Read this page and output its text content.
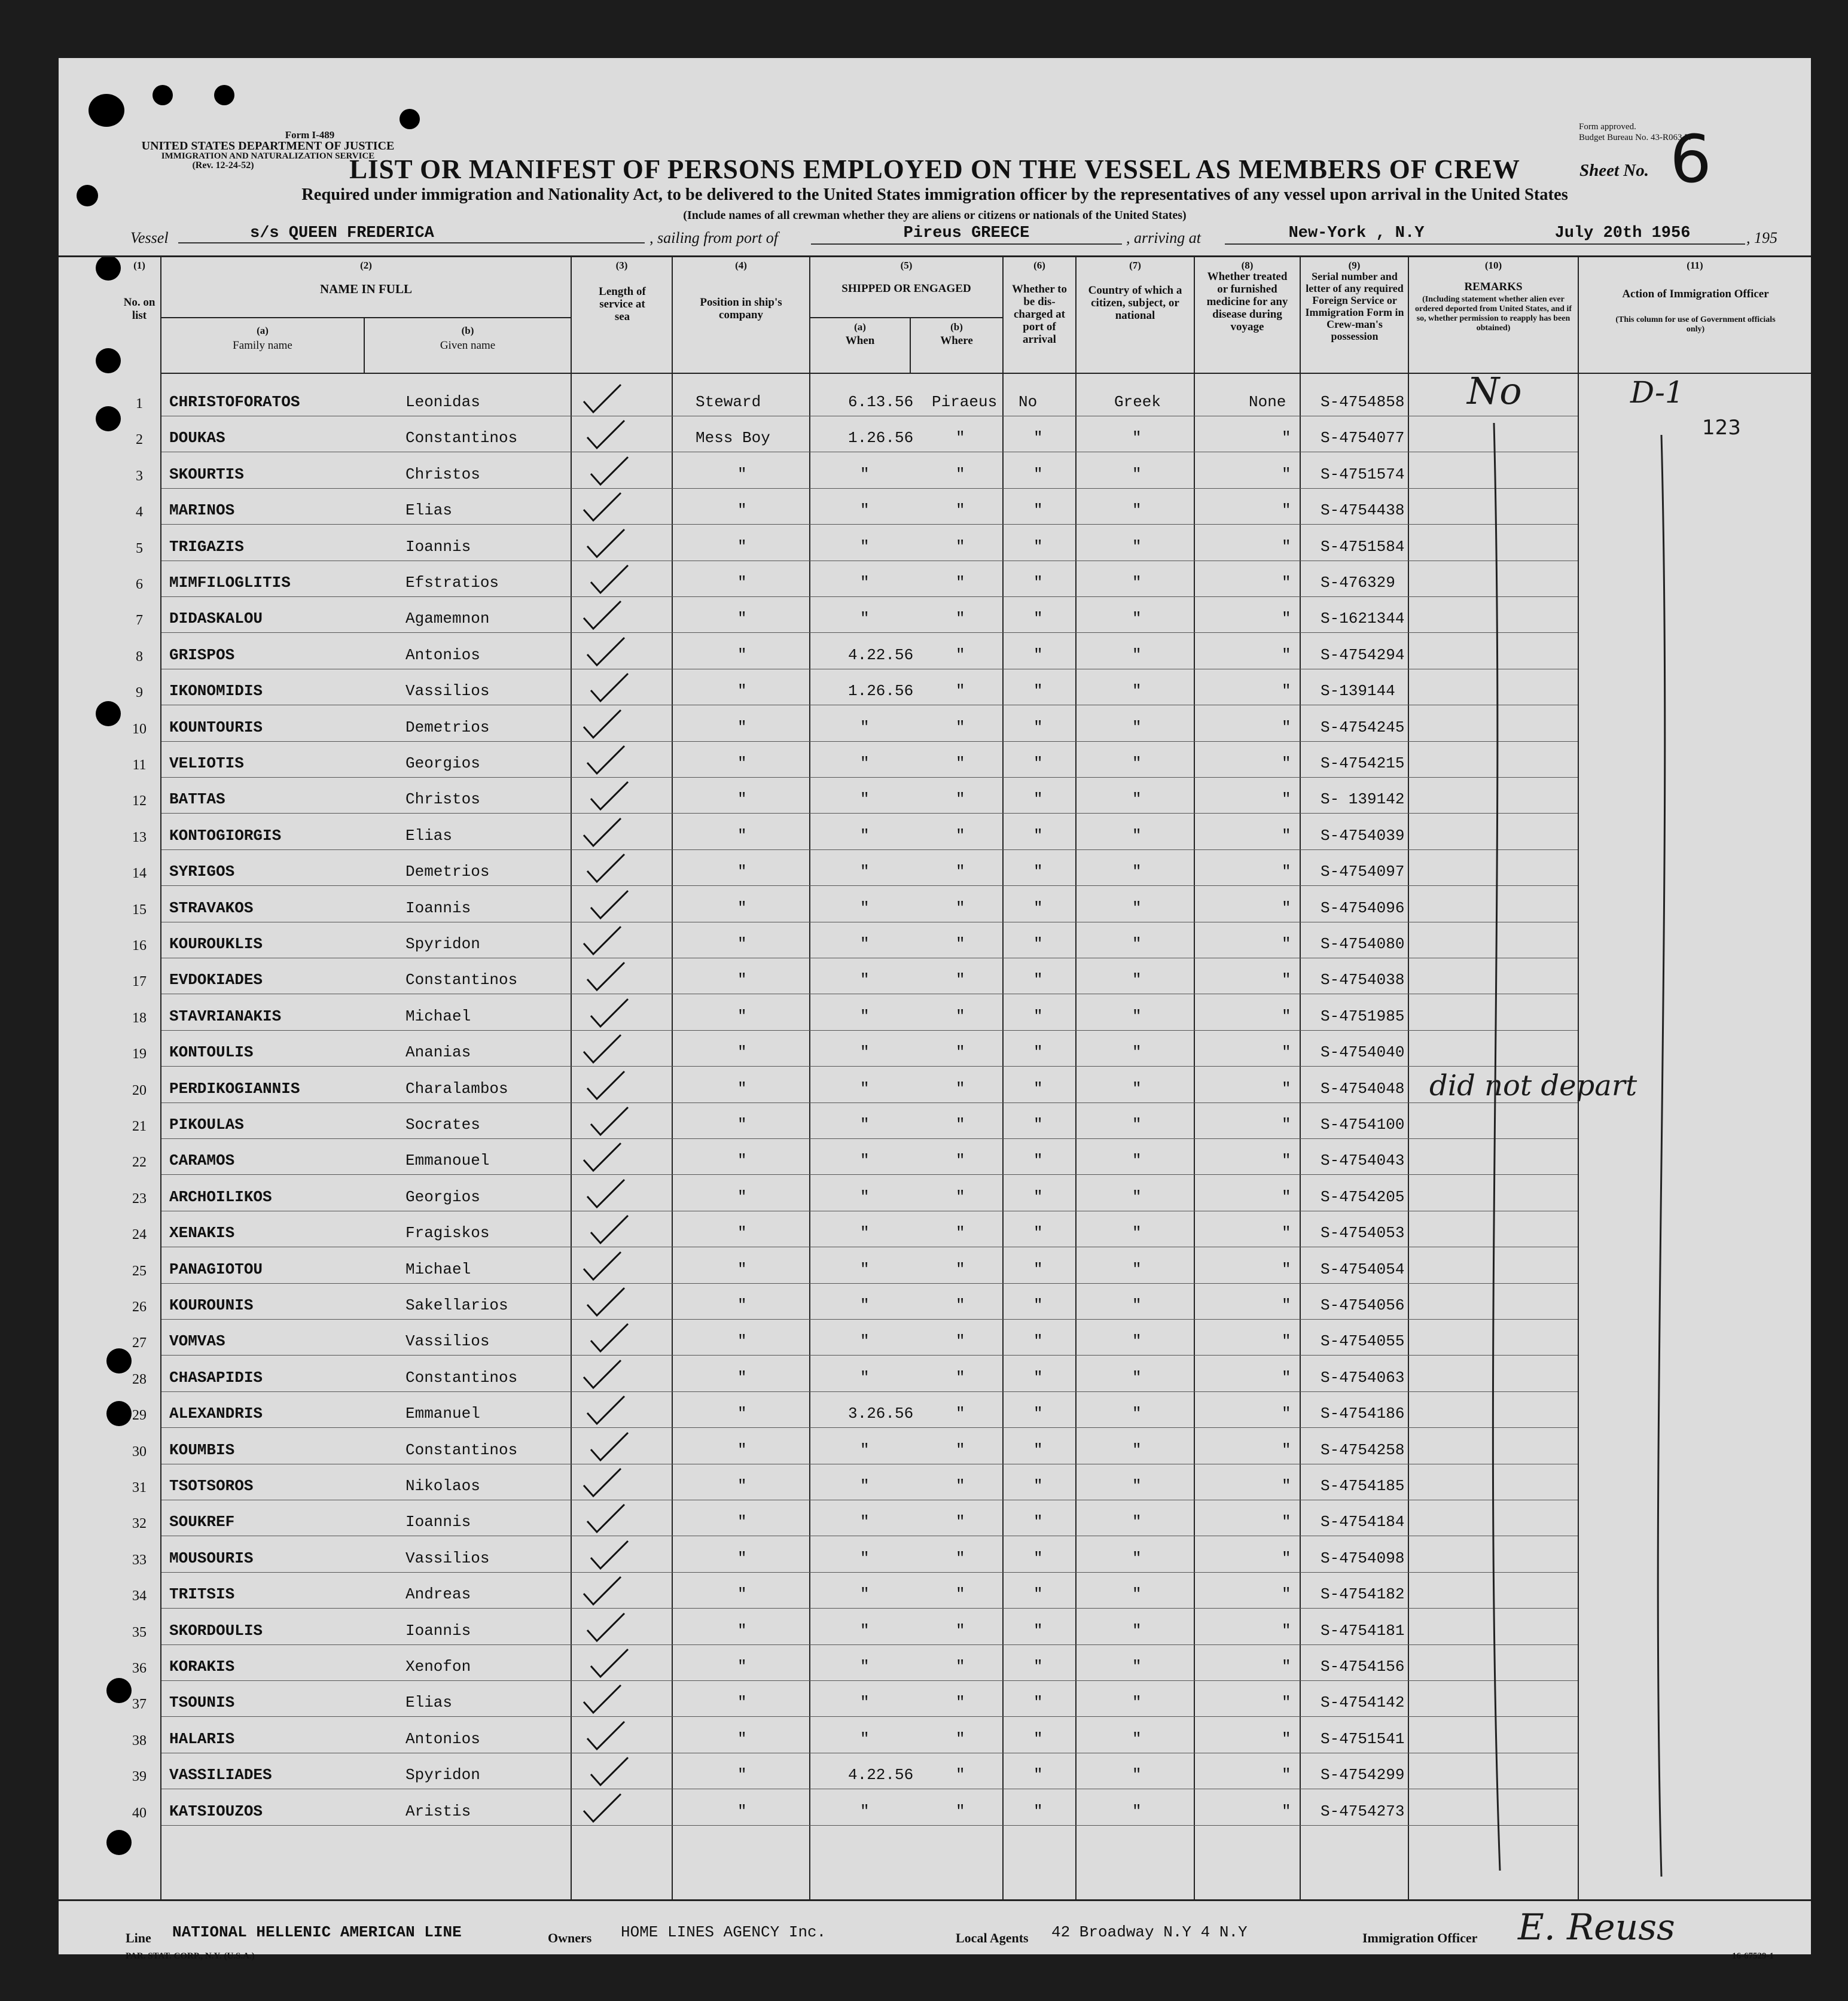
Form I-489
UNITED STATES DEPARTMENT OF JUSTICE
IMMIGRATION AND NATURALIZATION SERVICE
(Rev. 12-24-52)
Form approved.
Budget Bureau No. 43-R063.5.
LIST OR MANIFEST OF PERSONS EMPLOYED ON THE VESSEL AS MEMBERS OF CREW	Sheet No. 6
Required under immigration and Nationality Act, to be delivered to the United States immigration officer by the representatives of any vessel upon arrival in the United States
(Include names of all crewman whether they are aliens or citizens or nationals of the United States)
Vessel	s/s QUEEN FREDERICA	, sailing from port of	Pireus GREECE	, arriving at	New-York , N.Y	July 20th 1956	, 195
(1)
No. on list
(2)
NAME IN FULL
(a)
Family name
(b)
Given name
(3)
Length of service at sea
(4)
Position in ship's company
(5)
SHIPPED OR ENGAGED
(a)
When
(b)
Where
(6)
Whether to be dis-charged at port of arrival
(7)
Country of which a citizen, subject, or national
(8)
Whether treated or furnished medicine for any disease during voyage
(9)
Serial number and letter of any required Foreign Service or Immigration Form in Crew-man's possession
(10)
REMARKS
(Including statement whether alien ever ordered deported from United States, and if so, whether permission to reapply has been obtained)
(11)
Action of Immigration Officer
(This column for use of Government officials only)
1	CHRISTOFORATOS	Leonidas	Steward	6.13.56 Piraeus No	Greek	None S-4754858
2	DOUKAS	Constantinos	Mess Boy	1.26.56	"	"	"	" S-4754077
3	SKOURTIS	Christos	"	"	"	"	"	" S-4751574
4	MARINOS	Elias	"	"	"	"	"	" S-4754438
5	TRIGAZIS	Ioannis	"	"	"	"	"	" S-4751584
6	MIMFILOGLITIS	Efstratios	"	"	"	"	"	" S-476329
7	DIDASKALOU	Agamemnon	"	"	"	"	"	" S-1621344
8	GRISPOS	Antonios	"	4.22.56	"	"	"	" S-4754294
9	IKONOMIDIS	Vassilios	"	1.26.56	"	"	"	" S-139144
10	KOUNTOURIS	Demetrios	"	"	"	"	"	" S-4754245
11	VELIOTIS	Georgios	"	"	"	"	"	" S-4754215
12	BATTAS	Christos	"	"	"	"	"	" S- 139142
13	KONTOGIORGIS	Elias	"	"	"	"	"	" S-4754039
14	SYRIGOS	Demetrios	"	"	"	"	"	" S-4754097
15	STRAVAKOS	Ioannis	"	"	"	"	"	" S-4754096
16	KOUROUKLIS	Spyridon	"	"	"	"	"	" S-4754080
17	EVDOKIADES	Constantinos	"	"	"	"	"	" S-4754038
18	STAVRIANAKIS	Michael	"	"	"	"	"	" S-4751985
19	KONTOULIS	Ananias	"	"	"	"	"	" S-4754040
20	PERDIKOGIANNIS	Charalambos	"	"	"	"	"	" S-4754048
21	PIKOULAS	Socrates	"	"	"	"	"	" S-4754100
22	CARAMOS	Emmanouel	"	"	"	"	"	" S-4754043
23	ARCHOILIKOS	Georgios	"	"	"	"	"	" S-4754205
24	XENAKIS	Fragiskos	"	"	"	"	"	" S-4754053
25	PANAGIOTOU	Michael	"	"	"	"	"	" S-4754054
26	KOUROUNIS	Sakellarios	"	"	"	"	"	" S-4754056
27	VOMVAS	Vassilios	"	"	"	"	"	" S-4754055
28	CHASAPIDIS	Constantinos	"	"	"	"	"	" S-4754063
29	ALEXANDRIS	Emmanuel	"	3.26.56	"	"	"	" S-4754186
30	KOUMBIS	Constantinos	"	"	"	"	"	" S-4754258
31	TSOTSOROS	Nikolaos	"	"	"	"	"	" S-4754185
32	SOUKREF	Ioannis	"	"	"	"	"	" S-4754184
33	MOUSOURIS	Vassilios	"	"	"	"	"	" S-4754098
34	TRITSIS	Andreas	"	"	"	"	"	" S-4754182
35	SKORDOULIS	Ioannis	"	"	"	"	"	" S-4754181
36	KORAKIS	Xenofon	"	"	"	"	"	" S-4754156
37	TSOUNIS	Elias	"	"	"	"	"	" S-4754142
38	HALARIS	Antonios	"	"	"	"	"	" S-4751541
39	VASSILIADES	Spyridon	"	4.22.56	"	"	"	" S-4754299
40	KATSIOUZOS	Aristis	"	"	"	"	"	" S-4754273
No	D-1
123
did not depart
Line NATIONAL HELLENIC AMERICAN LINE	Owners HOME LINES AGENCY Inc.	Local Agents 42 Broadway N.Y 4 N.Y	Immigration Officer E. Reuss
PAR. STAT. CORP., N.Y. (U.S.A.)	16-67529-1
